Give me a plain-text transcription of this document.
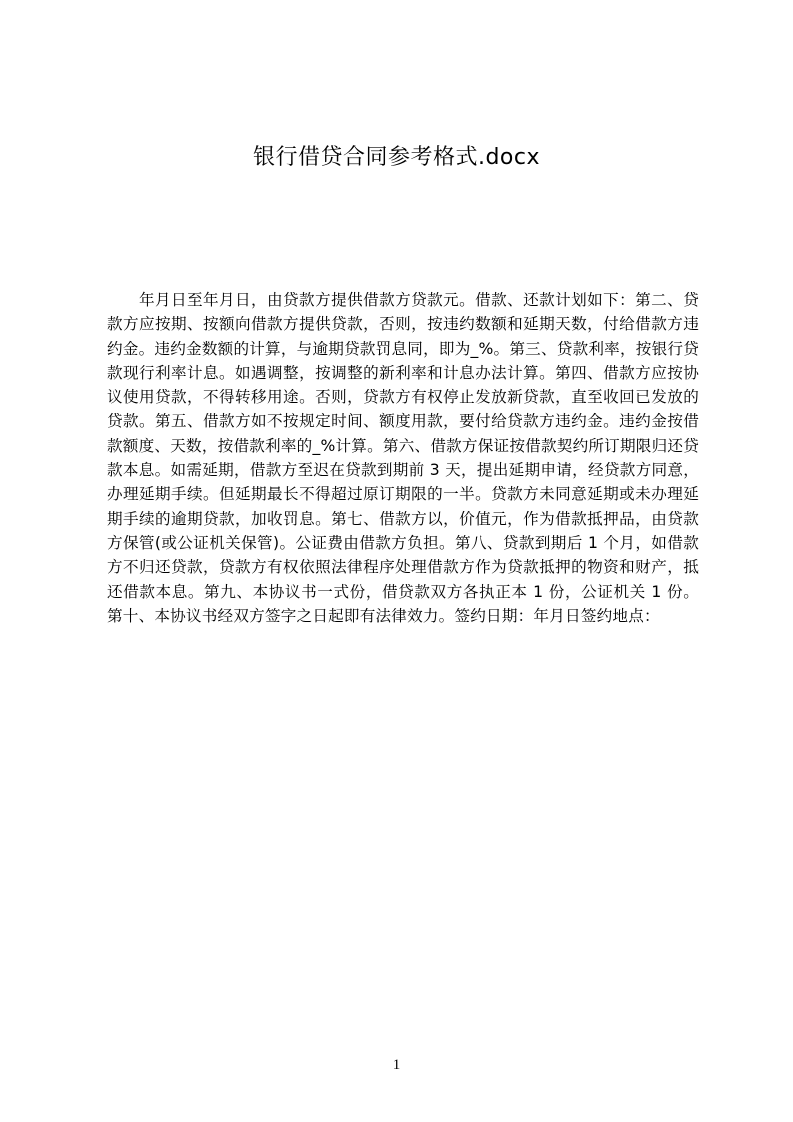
银行借贷合同参考格式.docx

年月日至年月日，由贷款方提供借款方贷款元。借款、还款计划如下：第二、贷款方应按期、按额向借款方提供贷款，否则，按违约数额和延期天数，付给借款方违约金。违约金数额的计算，与逾期贷款罚息同，即为_%。第三、贷款利率，按银行贷款现行利率计息。如遇调整，按调整的新利率和计息办法计算。第四、借款方应按协议使用贷款，不得转移用途。否则，贷款方有权停止发放新贷款，直至收回已发放的贷款。第五、借款方如不按规定时间、额度用款，要付给贷款方违约金。违约金按借款额度、天数，按借款利率的_%计算。第六、借款方保证按借款契约所订期限归还贷款本息。如需延期，借款方至迟在贷款到期前 3 天，提出延期申请，经贷款方同意，办理延期手续。但延期最长不得超过原订期限的一半。贷款方未同意延期或未办理延期手续的逾期贷款，加收罚息。第七、借款方以，价值元，作为借款抵押品，由贷款方保管(或公证机关保管)。公证费由借款方负担。第八、贷款到期后 1 个月，如借款方不归还贷款，贷款方有权依照法律程序处理借款方作为贷款抵押的物资和财产，抵还借款本息。第九、本协议书一式份，借贷款双方各执正本 1 份，公证机关 1 份。第十、本协议书经双方签字之日起即有法律效力。签约日期：年月日签约地点：

1
